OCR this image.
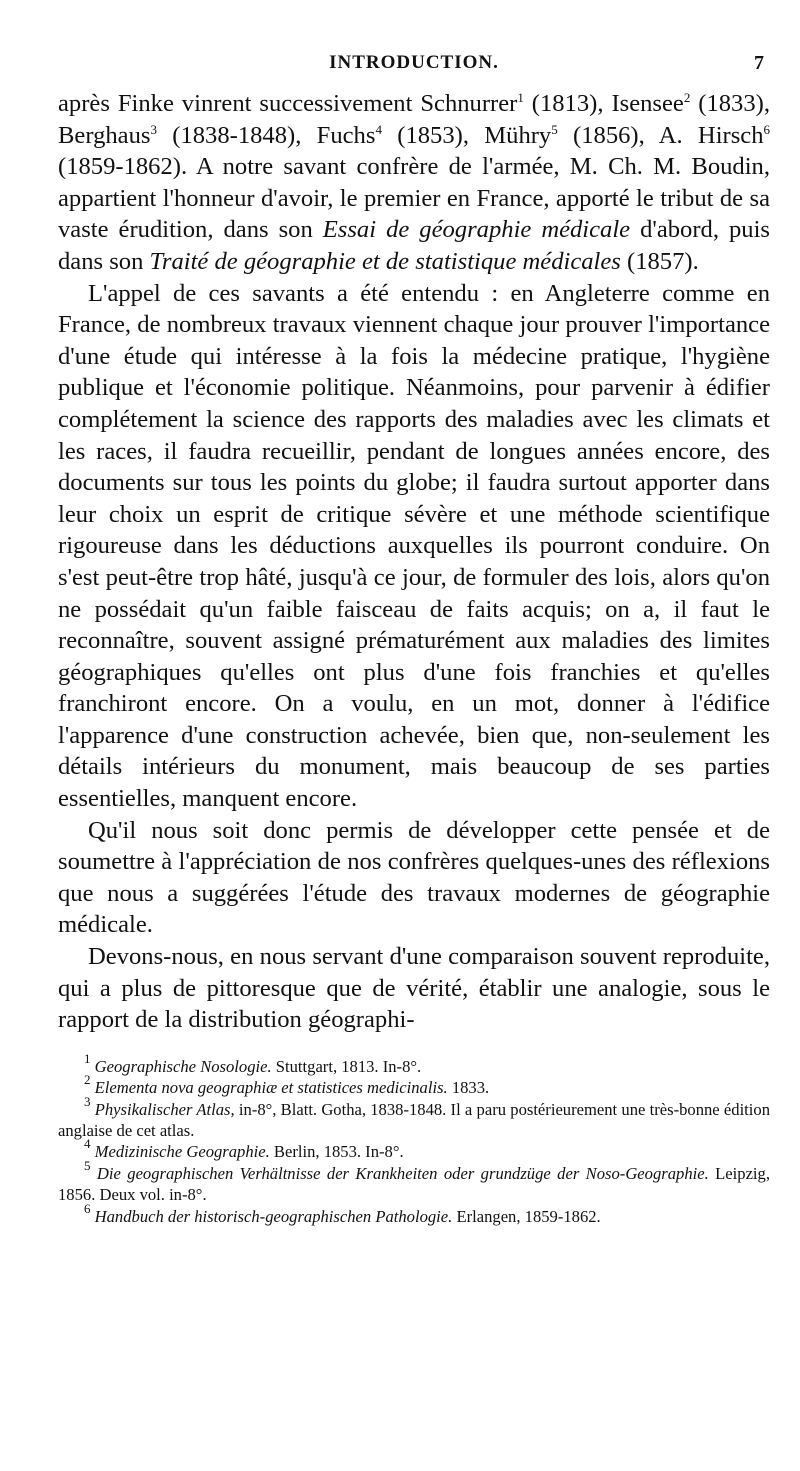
INTRODUCTION.	7

après Finke vinrent successivement Schnurrer$^1$ (1813), Isensee$^2$ (1833), Berghaus$^3$ (1838-1848), Fuchs$^4$ (1853), Mühry$^5$ (1856), A. Hirsch$^6$ (1859-1862). A notre savant confrère de l'armée, M. Ch. M. Boudin, appartient l'honneur d'avoir, le premier en France, apporté le tribut de sa vaste érudition, dans son Essai de géographie médicale d'abord, puis dans son Traité de géographie et de statistique médicales (1857).

L'appel de ces savants a été entendu : en Angleterre comme en France, de nombreux travaux viennent chaque jour prouver l'importance d'une étude qui intéresse à la fois la médecine pratique, l'hygiène publique et l'économie politique. Néanmoins, pour parvenir à édifier complétement la science des rapports des maladies avec les climats et les races, il faudra recueillir, pendant de longues années encore, des documents sur tous les points du globe; il faudra surtout apporter dans leur choix un esprit de critique sévère et une méthode scientifique rigoureuse dans les déductions auxquelles ils pourront conduire. On s'est peut-être trop hâté, jusqu'à ce jour, de formuler des lois, alors qu'on ne possédait qu'un faible faisceau de faits acquis; on a, il faut le reconnaître, souvent assigné prématurément aux maladies des limites géographiques qu'elles ont plus d'une fois franchies et qu'elles franchiront encore. On a voulu, en un mot, donner à l'édifice l'apparence d'une construction achevée, bien que, non-seulement les détails intérieurs du monument, mais beaucoup de ses parties essentielles, manquent encore.

Qu'il nous soit donc permis de développer cette pensée et de soumettre à l'appréciation de nos confrères quelques-unes des réflexions que nous a suggérées l'étude des travaux modernes de géographie médicale.

Devons-nous, en nous servant d'une comparaison souvent reproduite, qui a plus de pittoresque que de vérité, établir une analogie, sous le rapport de la distribution géographi-

$^1$ Geographische Nosologie. Stuttgart, 1813. In-8°.

$^2$ Elementa nova geographiæ et statistices medicinalis. 1833.

$^3$ Physikalischer Atlas, in-8°, Blatt. Gotha, 1838-1848. Il a paru postérieurement une très-bonne édition anglaise de cet atlas.

$^4$ Medizinische Geographie. Berlin, 1853. In-8°.

$^5$ Die geographischen Verhältnisse der Krankheiten oder grundzüge der Noso-Geographie. Leipzig, 1856. Deux vol. in-8°.

$^6$ Handbuch der historisch-geographischen Pathologie. Erlangen, 1859-1862.
